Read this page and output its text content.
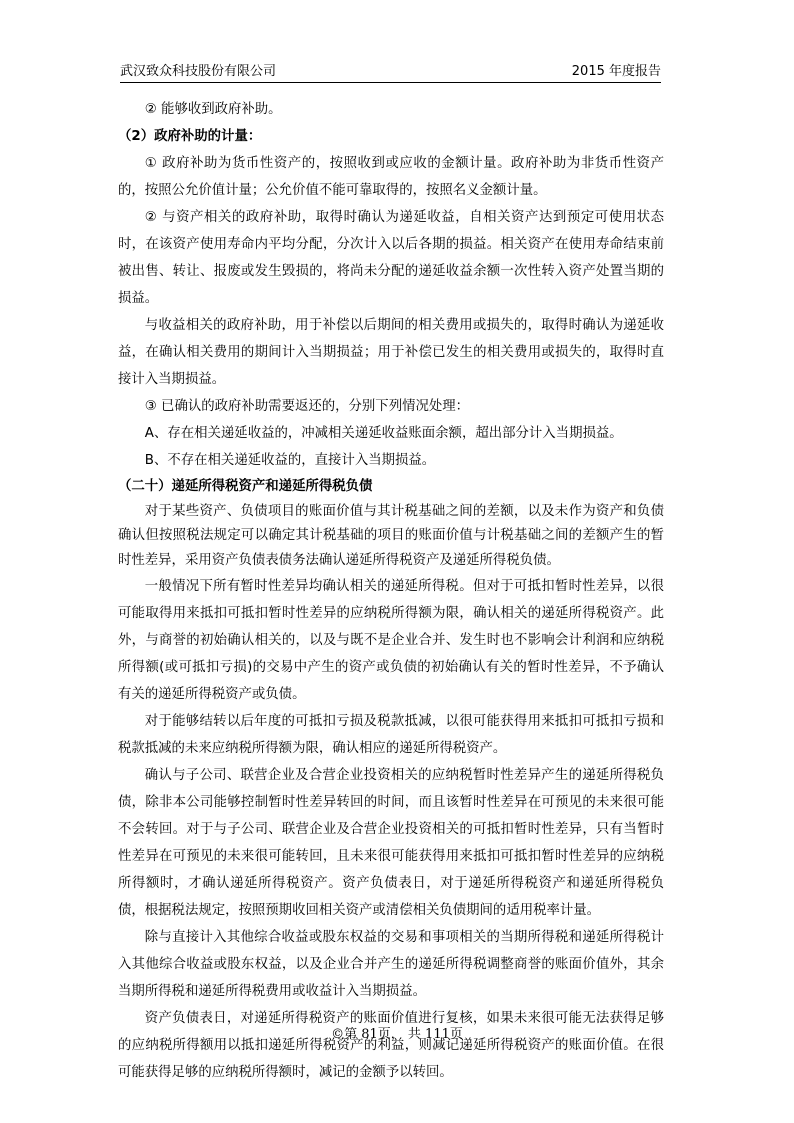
武汉致众科技股份有限公司	2015 年度报告

② 能够收到政府补助。

（2）政府补助的计量：

① 政府补助为货币性资产的，按照收到或应收的金额计量。政府补助为非货币性资产的，按照公允价值计量；公允价值不能可靠取得的，按照名义金额计量。

② 与资产相关的政府补助，取得时确认为递延收益，自相关资产达到预定可使用状态时，在该资产使用寿命内平均分配，分次计入以后各期的损益。相关资产在使用寿命结束前被出售、转让、报废或发生毁损的，将尚未分配的递延收益余额一次性转入资产处置当期的损益。

与收益相关的政府补助，用于补偿以后期间的相关费用或损失的，取得时确认为递延收益，在确认相关费用的期间计入当期损益；用于补偿已发生的相关费用或损失的，取得时直接计入当期损益。

③ 已确认的政府补助需要返还的，分别下列情况处理：

A、存在相关递延收益的，冲减相关递延收益账面余额，超出部分计入当期损益。

B、不存在相关递延收益的，直接计入当期损益。

（二十）递延所得税资产和递延所得税负债

对于某些资产、负债项目的账面价值与其计税基础之间的差额，以及未作为资产和负债确认但按照税法规定可以确定其计税基础的项目的账面价值与计税基础之间的差额产生的暂时性差异，采用资产负债表债务法确认递延所得税资产及递延所得税负债。

一般情况下所有暂时性差异均确认相关的递延所得税。但对于可抵扣暂时性差异，以很可能取得用来抵扣可抵扣暂时性差异的应纳税所得额为限，确认相关的递延所得税资产。此外，与商誉的初始确认相关的，以及与既不是企业合并、发生时也不影响会计利润和应纳税所得额(或可抵扣亏损)的交易中产生的资产或负债的初始确认有关的暂时性差异，不予确认有关的递延所得税资产或负债。

对于能够结转以后年度的可抵扣亏损及税款抵减，以很可能获得用来抵扣可抵扣亏损和税款抵减的未来应纳税所得额为限，确认相应的递延所得税资产。

确认与子公司、联营企业及合营企业投资相关的应纳税暂时性差异产生的递延所得税负债，除非本公司能够控制暂时性差异转回的时间，而且该暂时性差异在可预见的未来很可能不会转回。对于与子公司、联营企业及合营企业投资相关的可抵扣暂时性差异，只有当暂时性差异在可预见的未来很可能转回，且未来很可能获得用来抵扣可抵扣暂时性差异的应纳税所得额时，才确认递延所得税资产。资产负债表日，对于递延所得税资产和递延所得税负债，根据税法规定，按照预期收回相关资产或清偿相关负债期间的适用税率计量。

除与直接计入其他综合收益或股东权益的交易和事项相关的当期所得税和递延所得税计入其他综合收益或股东权益，以及企业合并产生的递延所得税调整商誉的账面价值外，其余当期所得税和递延所得税费用或收益计入当期损益。

资产负债表日，对递延所得税资产的账面价值进行复核，如果未来很可能无法获得足够的应纳税所得额用以抵扣递延所得税资产的利益，则减记递延所得税资产的账面价值。在很可能获得足够的应纳税所得额时，减记的金额予以转回。

©第 81页， 共 111页
